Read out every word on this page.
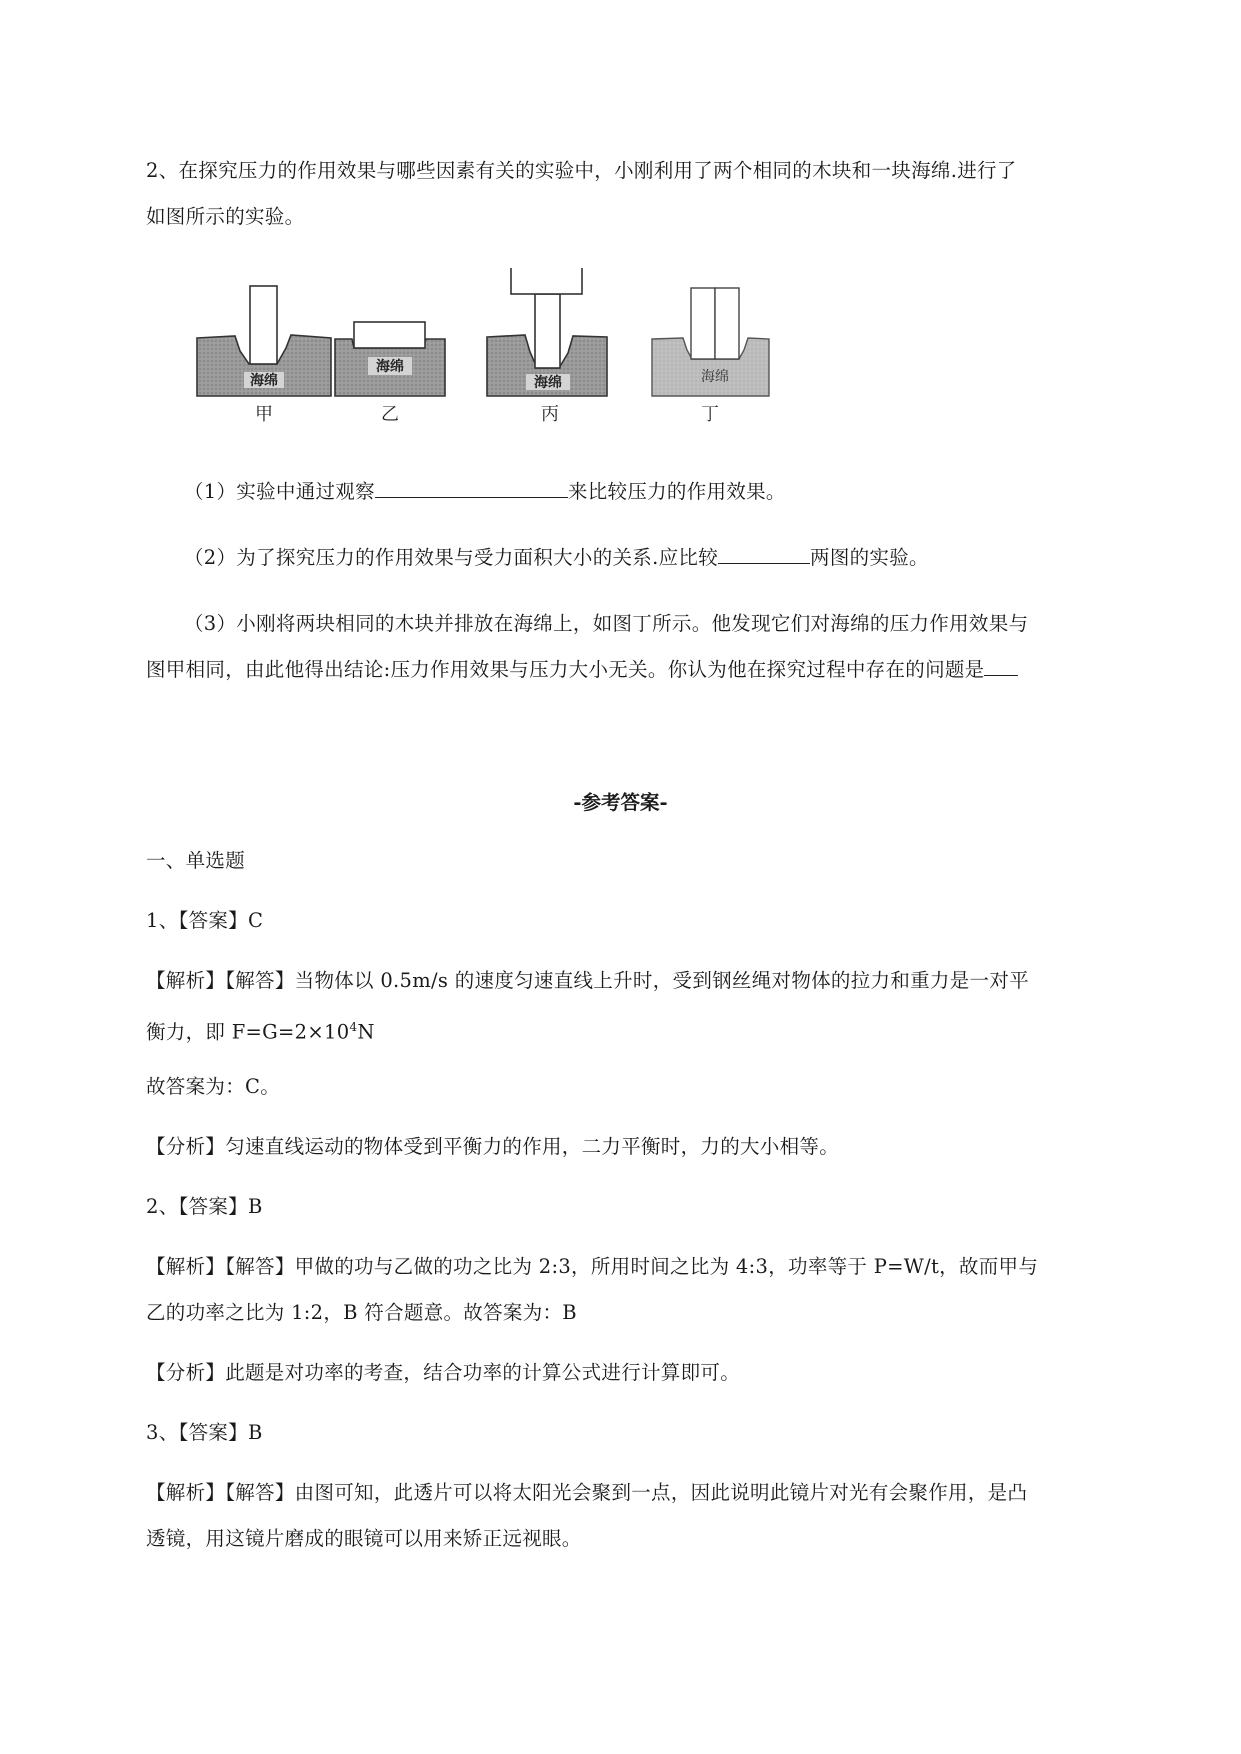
2、在探究压力的作用效果与哪些因素有关的实验中，小刚利用了两个相同的木块和一块海绵.进行了
如图所示的实验。

海绵
甲
海绵
乙
海绵
丙
海绵
丁

（1）实验中通过观察	来比较压力的作用效果。

（2）为了探究压力的作用效果与受力面积大小的关系.应比较	两图的实验。

（3）小刚将两块相同的木块并排放在海绵上，如图丁所示。他发现它们对海绵的压力作用效果与
图甲相同，由此他得出结论:压力作用效果与压力大小无关。你认为他在探究过程中存在的问题是

-参考答案-

一、单选题

1、【答案】C

【解析】【解答】当物体以 0.5m/s 的速度匀速直线上升时，受到钢丝绳对物体的拉力和重力是一对平
衡力，即 $F=G=2\times 10^4N$

故答案为：C。

【分析】匀速直线运动的物体受到平衡力的作用，二力平衡时，力的大小相等。

2、【答案】B

【解析】【解答】甲做的功与乙做的功之比为 2:3，所用时间之比为 4:3，功率等于 P=W/t，故而甲与
乙的功率之比为 1:2，B 符合题意。故答案为：B

【分析】此题是对功率的考查，结合功率的计算公式进行计算即可。

3、【答案】B

【解析】【解答】由图可知，此透片可以将太阳光会聚到一点，因此说明此镜片对光有会聚作用，是凸
透镜，用这镜片磨成的眼镜可以用来矫正远视眼。
